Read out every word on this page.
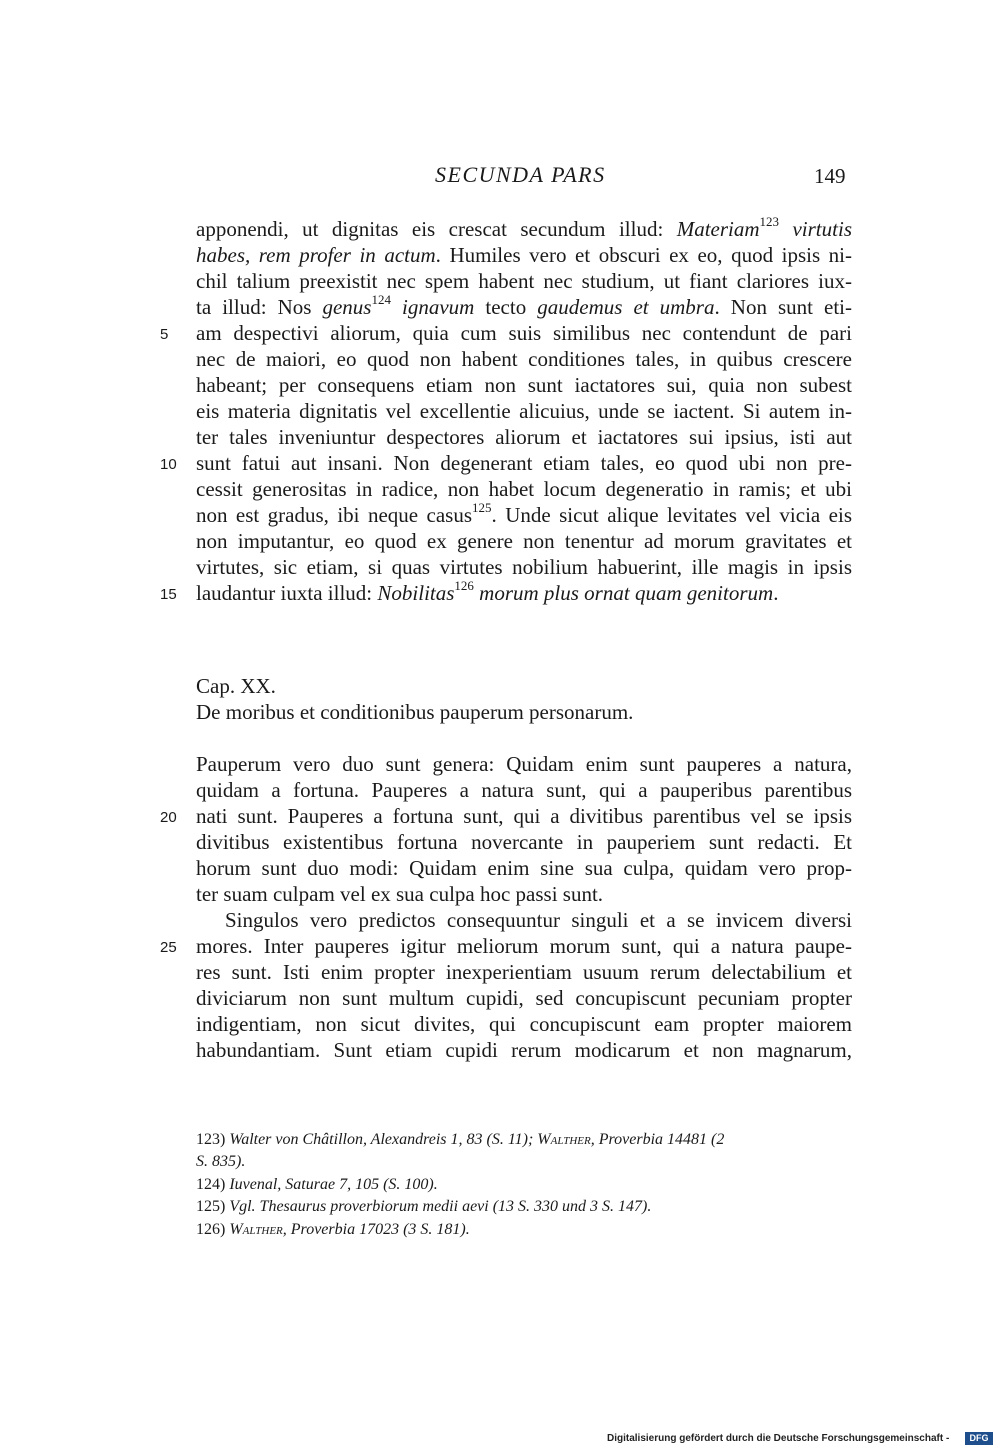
SECUNDA PARS	149
apponendi, ut dignitas eis crescat secundum illud: Materiam$^{123}$ virtutis
habes, rem profer in actum. Humiles vero et obscuri ex eo, quod ipsis ni-
chil talium preexistit nec spem habent nec studium, ut fiant clariores iux-
ta illud: Nos genus$^{124}$ ignavum tecto gaudemus et umbra. Non sunt eti-
am despectivi aliorum, quia cum suis similibus nec contendunt de pari
5
nec de maiori, eo quod non habent conditiones tales, in quibus crescere
habeant; per consequens etiam non sunt iactatores sui, quia non subest
eis materia dignitatis vel excellentie alicuius, unde se iactent. Si autem in-
ter tales inveniuntur despectores aliorum et iactatores sui ipsius, isti aut
sunt fatui aut insani. Non degenerant etiam tales, eo quod ubi non pre-
10
cessit generositas in radice, non habet locum degeneratio in ramis; et ubi
non est gradus, ibi neque casus$^{125}$. Unde sicut alique levitates vel vicia eis
non imputantur, eo quod ex genere non tenentur ad morum gravitates et
virtutes, sic etiam, si quas virtutes nobilium habuerint, ille magis in ipsis
laudantur iuxta illud: Nobilitas$^{126}$ morum plus ornat quam genitorum.
15
Cap. XX.
De moribus et conditionibus pauperum personarum.
Pauperum vero duo sunt genera: Quidam enim sunt pauperes a natura,
quidam a fortuna. Pauperes a natura sunt, qui a pauperibus parentibus
nati sunt. Pauperes a fortuna sunt, qui a divitibus parentibus vel se ipsis
20
divitibus existentibus fortuna novercante in pauperiem sunt redacti. Et
horum sunt duo modi: Quidam enim sine sua culpa, quidam vero prop-
ter suam culpam vel ex sua culpa hoc passi sunt.
Singulos vero predictos consequuntur singuli et a se invicem diversi
mores. Inter pauperes igitur meliorum morum sunt, qui a natura paupe-
25
res sunt. Isti enim propter inexperientiam usuum rerum delectabilium et
diviciarum non sunt multum cupidi, sed concupiscunt pecuniam propter
indigentiam, non sicut divites, qui concupiscunt eam propter maiorem
habundantiam. Sunt etiam cupidi rerum modicarum et non magnarum,
123) Walter von Châtillon, Alexandreis 1, 83 (S. 11); Walther, Proverbia 14481 (2
S. 835).
124) Iuvenal, Saturae 7, 105 (S. 100).
125) Vgl. Thesaurus proverbiorum medii aevi (13 S. 330 und 3 S. 147).
126) Walther, Proverbia 17023 (3 S. 181).
Digitalisierung gefördert durch die Deutsche Forschungsgemeinschaft -	DFG
